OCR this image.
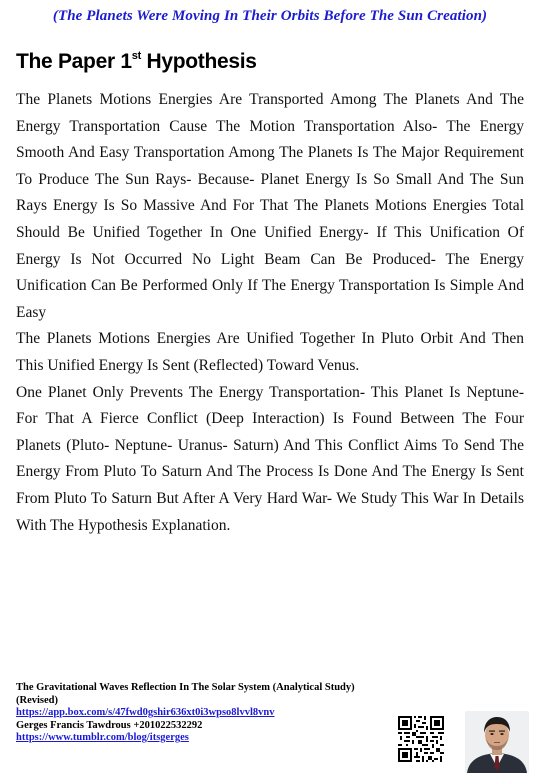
(The Planets Were Moving In Their Orbits Before The Sun Creation)
The Paper 1st Hypothesis

The Planets Motions Energies Are Transported Among The Planets And The Energy Transportation Cause The Motion Transportation Also- The Energy Smooth And Easy Transportation Among The Planets Is The Major Requirement To Produce The Sun Rays- Because- Planet Energy Is So Small And The Sun Rays Energy Is So Massive And For That The Planets Motions Energies Total Should Be Unified Together In One Unified Energy- If This Unification Of Energy Is Not Occurred No Light Beam Can Be Produced- The Energy Unification Can Be Performed Only If The Energy Transportation Is Simple And Easy

The Planets Motions Energies Are Unified Together In Pluto Orbit And Then This Unified Energy Is Sent (Reflected) Toward Venus.

One Planet Only Prevents The Energy Transportation- This Planet Is Neptune- For That A Fierce Conflict (Deep Interaction) Is Found Between The Four Planets (Pluto- Neptune- Uranus- Saturn) And This Conflict Aims To Send The Energy From Pluto To Saturn And The Process Is Done And The Energy Is Sent From Pluto To Saturn But After A Very Hard War- We Study This War In Details With The Hypothesis Explanation.

The Gravitational Waves Reflection In The Solar System (Analytical Study) (Revised)
https://app.box.com/s/47fwd0gshir636xt0i3wpso8lvvl8vnv
Gerges Francis Tawdrous +201022532292
https://www.tumblr.com/blog/itsgerges
